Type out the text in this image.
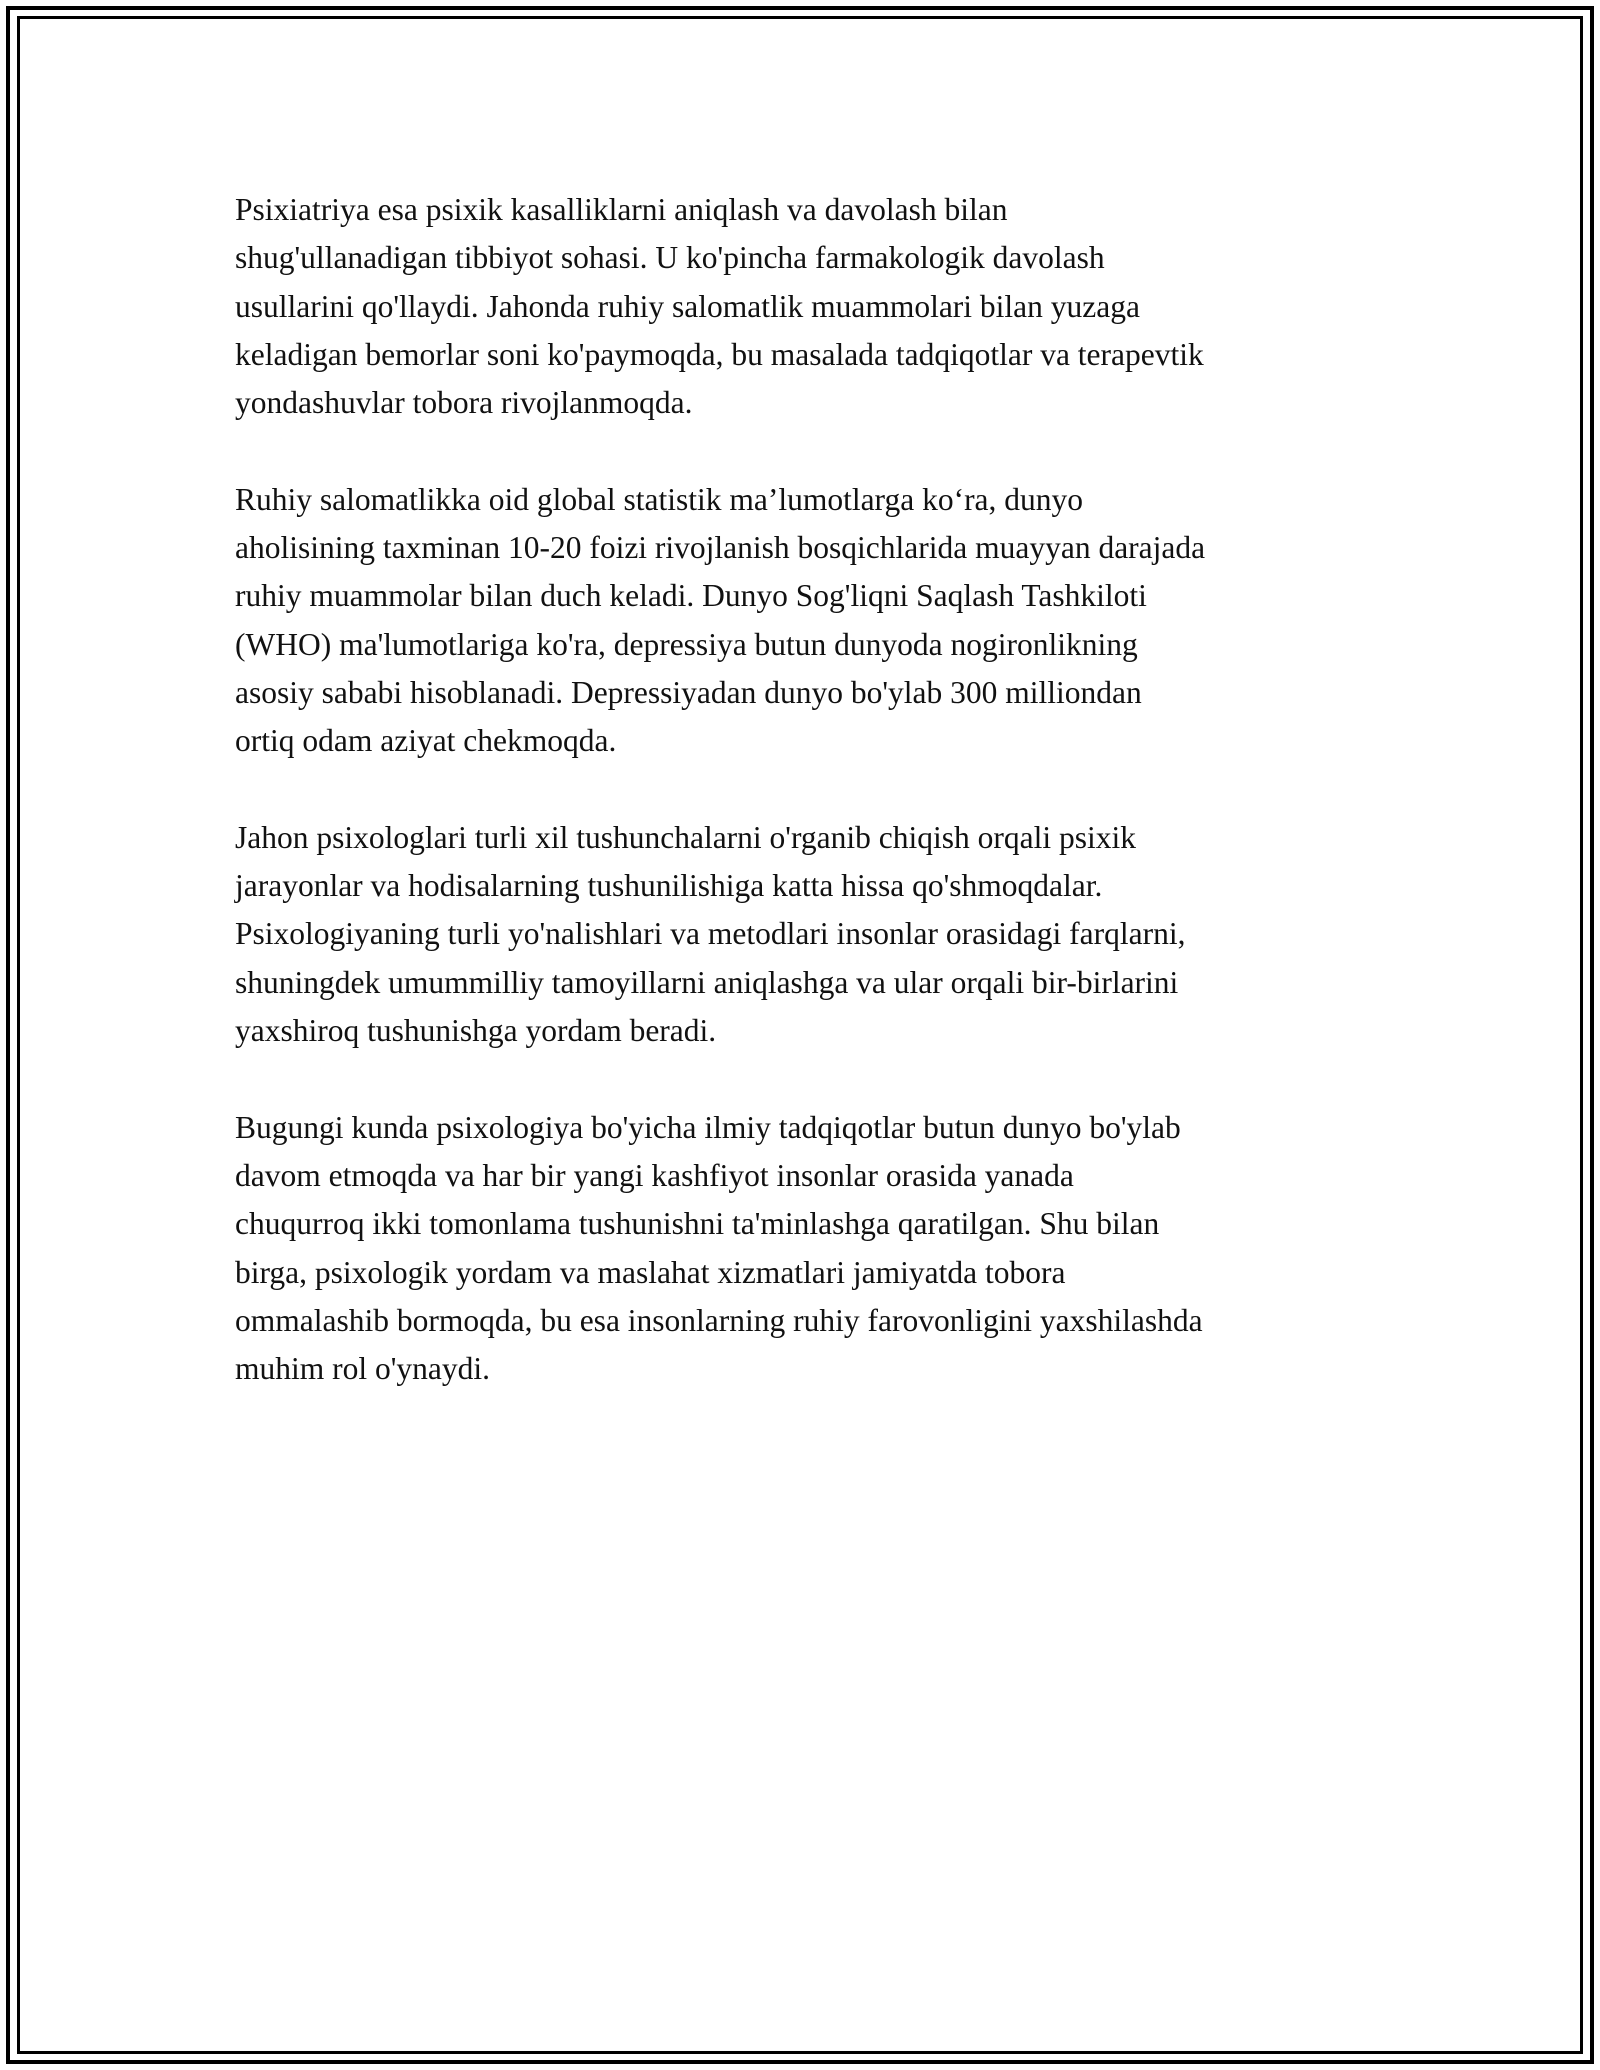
Psixiatriya esa psixik kasalliklarni aniqlash va davolash bilan
shug'ullanadigan tibbiyot sohasi. U ko'pincha farmakologik davolash
usullarini qo'llaydi. Jahonda ruhiy salomatlik muammolari bilan yuzaga
keladigan bemorlar soni ko'paymoqda, bu masalada tadqiqotlar va terapevtik
yondashuvlar tobora rivojlanmoqda.

Ruhiy salomatlikka oid global statistik ma’lumotlarga ko‘ra, dunyo
aholisining taxminan 10-20 foizi rivojlanish bosqichlarida muayyan darajada
ruhiy muammolar bilan duch keladi. Dunyo Sog'liqni Saqlash Tashkiloti
(WHO) ma'lumotlariga ko'ra, depressiya butun dunyoda nogironlikning
asosiy sababi hisoblanadi. Depressiyadan dunyo bo'ylab 300 milliondan
ortiq odam aziyat chekmoqda.

Jahon psixologlari turli xil tushunchalarni o'rganib chiqish orqali psixik
jarayonlar va hodisalarning tushunilishiga katta hissa qo'shmoqdalar.
Psixologiyaning turli yo'nalishlari va metodlari insonlar orasidagi farqlarni,
shuningdek umummilliy tamoyillarni aniqlashga va ular orqali bir-birlarini
yaxshiroq tushunishga yordam beradi.

Bugungi kunda psixologiya bo'yicha ilmiy tadqiqotlar butun dunyo bo'ylab
davom etmoqda va har bir yangi kashfiyot insonlar orasida yanada
chuqurroq ikki tomonlama tushunishni ta'minlashga qaratilgan. Shu bilan
birga, psixologik yordam va maslahat xizmatlari jamiyatda tobora
ommalashib bormoqda, bu esa insonlarning ruhiy farovonligini yaxshilashda
muhim rol o'ynaydi.
